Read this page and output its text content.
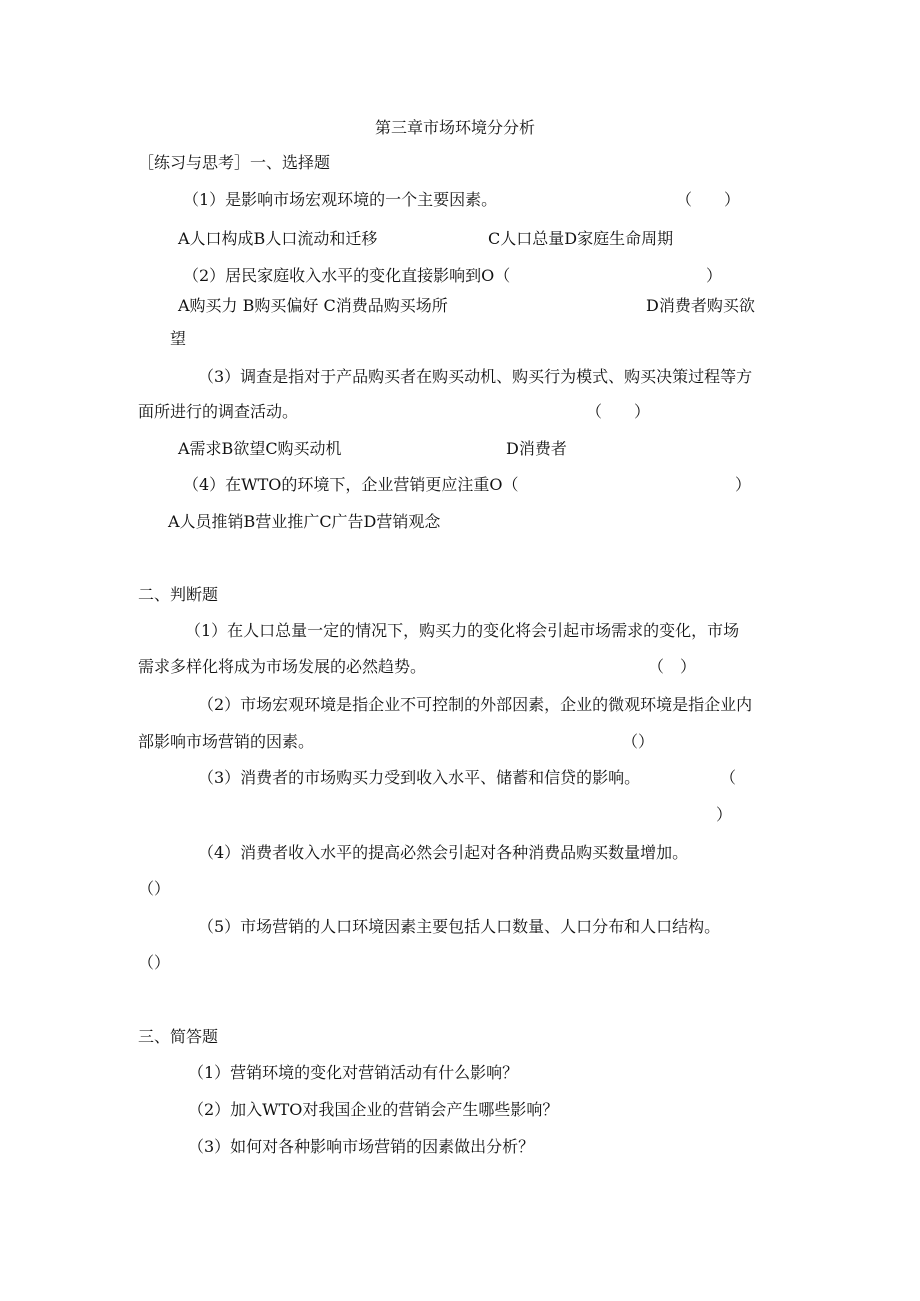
第三章市场环境分分析
［练习与思考］一、选择题
（1）是影响市场宏观环境的一个主要因素。	（　　）
A人口构成B人口流动和迁移	C人口总量D家庭生命周期
（2）居民家庭收入水平的变化直接影响到O（	）
A购买力 B购买偏好 C消费品购买场所	D消费者购买欲
望
（3）调查是指对于产品购买者在购买动机、购买行为模式、购买决策过程等方
面所进行的调查活动。	（　　）
A需求B欲望C购买动机	D消费者
（4）在WTO的环境下，企业营销更应注重O（	）
A人员推销B营业推广C广告D营销观念
二、判断题
（1）在人口总量一定的情况下，购买力的变化将会引起市场需求的变化，市场
需求多样化将成为市场发展的必然趋势。	（　）
（2）市场宏观环境是指企业不可控制的外部因素，企业的微观环境是指企业内
部影响市场营销的因素。	（）
（3）消费者的市场购买力受到收入水平、储蓄和信贷的影响。	（
）
（4）消费者收入水平的提高必然会引起对各种消费品购买数量增加。
（）
（5）市场营销的人口环境因素主要包括人口数量、人口分布和人口结构。
（）
三、简答题
（1）营销环境的变化对营销活动有什么影响？
（2）加入WTO对我国企业的营销会产生哪些影响？
（3）如何对各种影响市场营销的因素做出分析？
